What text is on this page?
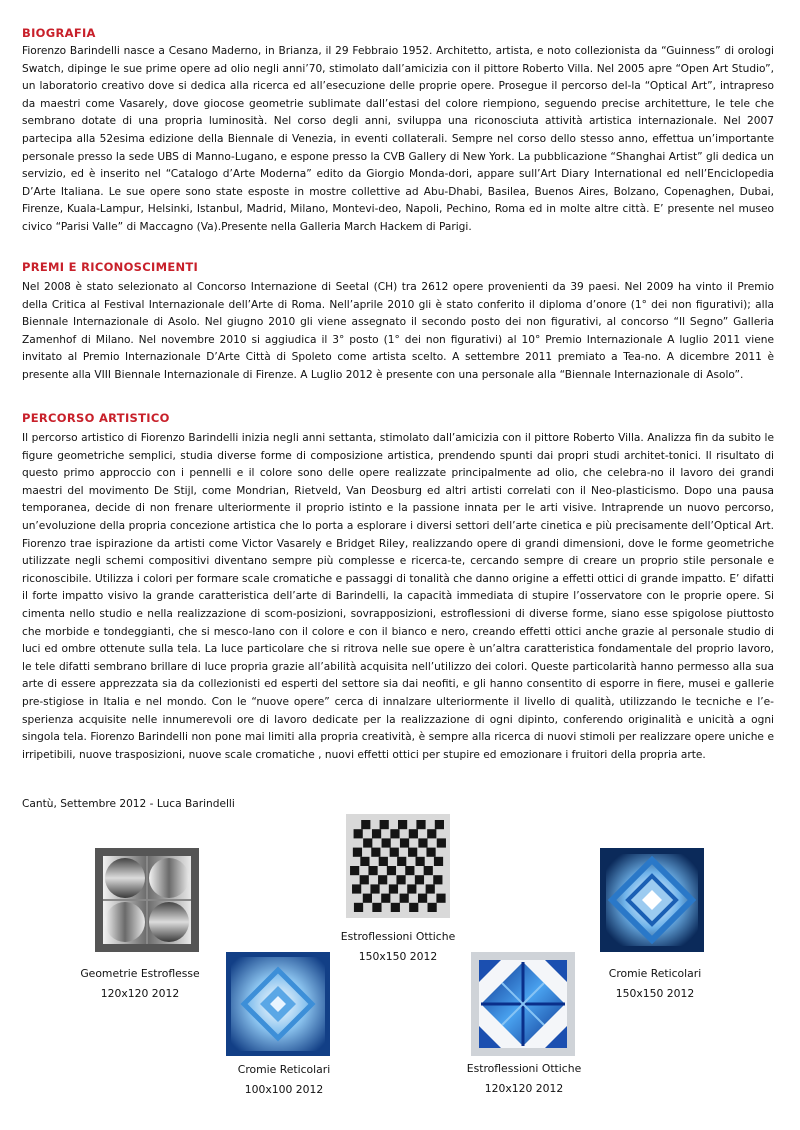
BIOGRAFIA

Fiorenzo Barindelli nasce a Cesano Maderno, in Brianza, il 29 Febbraio 1952. Architetto, artista, e noto collezionista da “Guinness” di orologi Swatch, dipinge le sue prime opere ad olio negli anni’70, stimolato dall’amicizia con il pittore Roberto Villa. Nel 2005 apre “Open Art Studio”, un laboratorio creativo dove si dedica alla ricerca ed all’esecuzione delle proprie opere. Prosegue il percorso del-la “Optical Art”, intrapreso da maestri come Vasarely, dove giocose geometrie sublimate dall’estasi del colore riempiono, seguendo precise architetture, le tele che sembrano dotate di una propria luminosità. Nel corso degli anni, sviluppa una riconosciuta attività artistica internazionale. Nel 2007 partecipa alla 52esima edizione della Biennale di Venezia, in eventi collaterali. Sempre nel corso dello stesso anno, effettua un’importante personale presso la sede UBS di Manno-Lugano, e espone presso la CVB Gallery di New York. La pubblicazione “Shanghai Artist” gli dedica un servizio, ed è inserito nel “Catalogo d’Arte Moderna” edito da Giorgio Monda-dori, appare sull’Art Diary International ed nell’Enciclopedia D’Arte Italiana. Le sue opere sono state esposte in mostre collettive ad Abu-Dhabi, Basilea, Buenos Aires, Bolzano, Copenaghen, Dubai, Firenze, Kuala-Lampur, Helsinki, Istanbul, Madrid, Milano, Montevi-deo, Napoli, Pechino, Roma ed in molte altre città. E’ presente nel museo civico “Parisi Valle” di Maccagno (Va).Presente nella Galleria March Hackem di Parigi.

PREMI E RICONOSCIMENTI

Nel 2008 è stato selezionato al Concorso Internazione di Seetal (CH) tra 2612 opere provenienti da 39 paesi. Nel 2009 ha vinto il Premio della Critica al Festival Internazionale dell’Arte di Roma. Nell’aprile 2010 gli è stato conferito il diploma d’onore (1° dei non figurativi); alla Biennale Internazionale di Asolo. Nel giugno 2010 gli viene assegnato il secondo posto dei non figurativi, al concorso “Il Segno” Galleria Zamenhof di Milano. Nel novembre 2010 si aggiudica il 3° posto (1° dei non figurativi) al 10° Premio Internazionale A luglio 2011 viene invitato al Premio Internazionale D’Arte Città di Spoleto come artista scelto. A settembre 2011 premiato a Tea-no. A dicembre 2011 è presente alla VIII Biennale Internazionale di Firenze. A Luglio 2012 è presente con una personale alla “Biennale Internazionale di Asolo”.

PERCORSO ARTISTICO

Il percorso artistico di Fiorenzo Barindelli inizia negli anni settanta, stimolato dall’amicizia con il pittore Roberto Villa. Analizza fin da subito le figure geometriche semplici, studia diverse forme di composizione artistica, prendendo spunti dai propri studi architet-tonici. Il risultato di questo primo approccio con i pennelli e il colore sono delle opere realizzate principalmente ad olio, che celebra-no il lavoro dei grandi maestri del movimento De Stijl, come Mondrian, Rietveld, Van Deosburg ed altri artisti correlati con il Neo-plasticismo. Dopo una pausa temporanea, decide di non frenare ulteriormente il proprio istinto e la passione innata per le arti visive. Intraprende un nuovo percorso, un’evoluzione della propria concezione artistica che lo porta a esplorare i diversi settori dell’arte cinetica e più precisamente dell’Optical Art. Fiorenzo trae ispirazione da artisti come Victor Vasarely e Bridget Riley, realizzando opere di grandi dimensioni, dove le forme geometriche utilizzate negli schemi compositivi diventano sempre più complesse e ricerca-te, cercando sempre di creare un proprio stile personale e riconoscibile. Utilizza i colori per formare scale cromatiche e passaggi di tonalità che danno origine a effetti ottici di grande impatto. E’ difatti il forte impatto visivo la grande caratteristica dell’arte di Barindelli, la capacità immediata di stupire l’osservatore con le proprie opere. Si cimenta nello studio e nella realizzazione di scom-posizioni, sovrapposizioni, estroflessioni di diverse forme, siano esse spigolose piuttosto che morbide e tondeggianti, che si mesco-lano con il colore e con il bianco e nero, creando effetti ottici anche grazie al personale studio di luci ed ombre ottenute sulla tela. La luce particolare che si ritrova nelle sue opere è un’altra caratteristica fondamentale del proprio lavoro, le tele difatti sembrano brillare di luce propria grazie all’abilità acquisita nell’utilizzo dei colori. Queste particolarità hanno permesso alla sua arte di essere apprezzata sia da collezionisti ed esperti del settore sia dai neofiti, e gli hanno consentito di esporre in fiere, musei e gallerie pre-stigiose in Italia e nel mondo. Con le “nuove opere” cerca di innalzare ulteriormente il livello di qualità, utilizzando le tecniche e l’e-sperienza acquisite nelle innumerevoli ore di lavoro dedicate per la realizzazione di ogni dipinto, conferendo originalità e unicità a ogni singola tela. Fiorenzo Barindelli non pone mai limiti alla propria creatività, è sempre alla ricerca di nuovi stimoli per realizzare opere uniche e irripetibili, nuove trasposizioni, nuove scale cromatiche , nuovi effetti ottici per stupire ed emozionare i fruitori della propria arte.

Cantù, Settembre 2012 - Luca Barindelli
Geometrie Estroflesse
120x120 2012
Estroflessioni Ottiche
150x150 2012
Cromie Reticolari
150x150 2012
Cromie Reticolari
100x100 2012
Estroflessioni Ottiche
120x120 2012
